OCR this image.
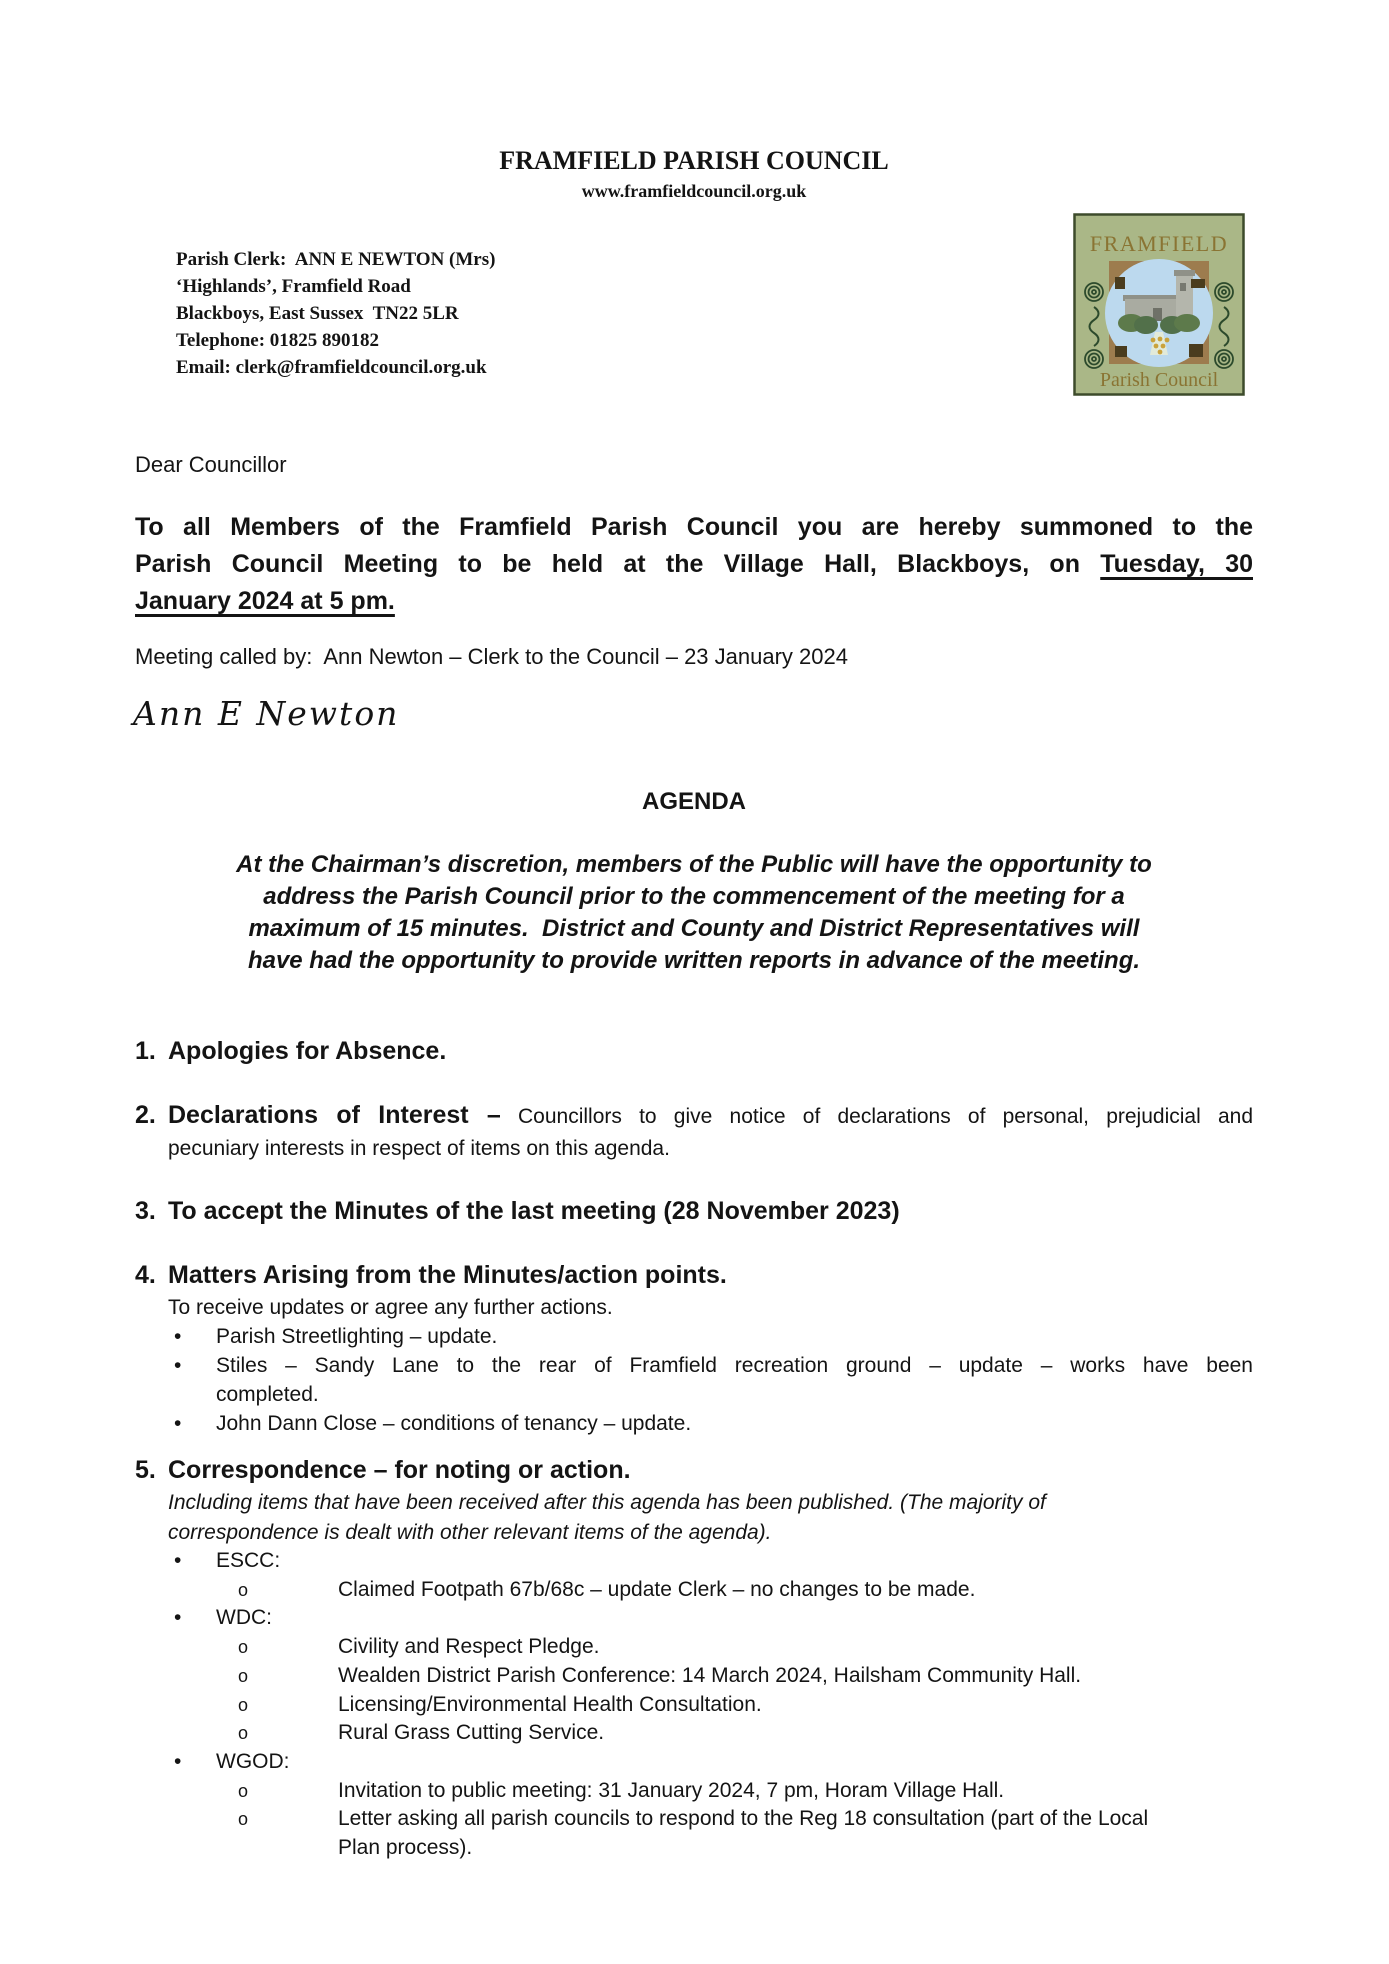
FRAMFIELD PARISH COUNCIL
www.framfieldcouncil.org.uk
Parish Clerk:  ANN E NEWTON (Mrs)
‘Highlands’, Framfield Road
Blackboys, East Sussex  TN22 5LR
Telephone: 01825 890182
Email: clerk@framfieldcouncil.org.uk
FRAMFIELD
Parish Council
Dear Councillor
To all Members of the Framfield Parish Council you are hereby summoned to the
Parish Council Meeting to be held at the Village Hall, Blackboys, on Tuesday, 30
January 2024 at 5 pm.
Meeting called by:  Ann Newton – Clerk to the Council – 23 January 2024
Ann E Newton
AGENDA
At the Chairman’s discretion, members of the Public will have the opportunity to
address the Parish Council prior to the commencement of the meeting for a
maximum of 15 minutes.  District and County and District Representatives will
have had the opportunity to provide written reports in advance of the meeting.
1. Apologies for Absence.
2. Declarations of Interest – Councillors to give notice of declarations of personal, prejudicial and
pecuniary interests in respect of items on this agenda.
3. To accept the Minutes of the last meeting (28 November 2023)
4. Matters Arising from the Minutes/action points.
To receive updates or agree any further actions.
•	Parish Streetlighting – update.
•	Stiles – Sandy Lane to the rear of Framfield recreation ground – update – works have been
completed.
•	John Dann Close – conditions of tenancy – update.
5. Correspondence – for noting or action.
Including items that have been received after this agenda has been published. (The majority of
correspondence is dealt with other relevant items of the agenda).
•	ESCC:
o	Claimed Footpath 67b/68c – update Clerk – no changes to be made.
•	WDC:
o	Civility and Respect Pledge.
o	Wealden District Parish Conference: 14 March 2024, Hailsham Community Hall.
o	Licensing/Environmental Health Consultation.
o	Rural Grass Cutting Service.
•	WGOD:
o	Invitation to public meeting: 31 January 2024, 7 pm, Horam Village Hall.
o	Letter asking all parish councils to respond to the Reg 18 consultation (part of the Local
Plan process).
